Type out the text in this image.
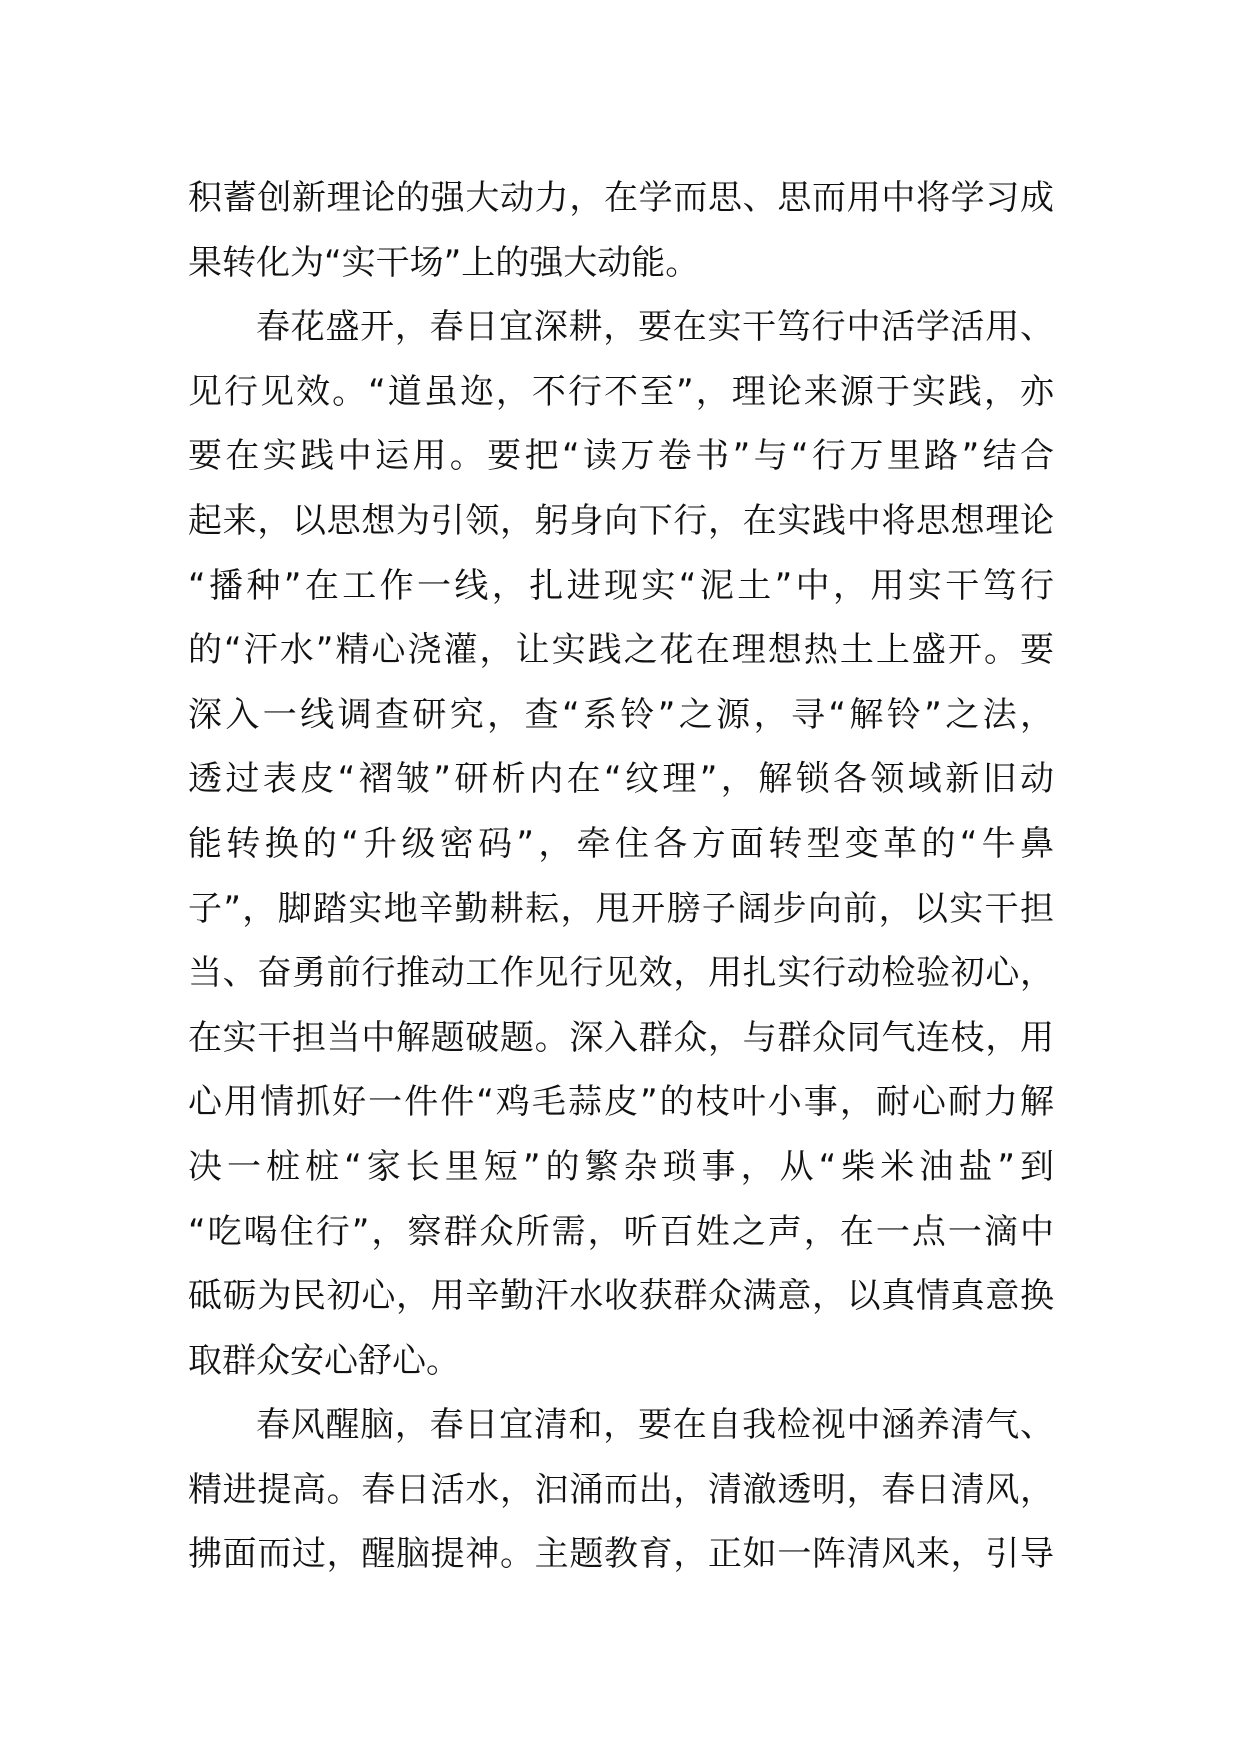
积蓄创新理论的强大动力，在学而思、思而用中将学习成
果转化为“实干场”上的强大动能。
春花盛开，春日宜深耕，要在实干笃行中活学活用、
见行见效。“道虽迩，不行不至”，理论来源于实践，亦
要在实践中运用。要把“读万卷书”与“行万里路”结合
起来，以思想为引领，躬身向下行，在实践中将思想理论
“播种”在工作一线，扎进现实“泥土”中，用实干笃行
的“汗水”精心浇灌，让实践之花在理想热土上盛开。要
深入一线调查研究，查“系铃”之源，寻“解铃”之法，
透过表皮“褶皱”研析内在“纹理”，解锁各领域新旧动
能转换的“升级密码”，牵住各方面转型变革的“牛鼻
子”，脚踏实地辛勤耕耘，甩开膀子阔步向前，以实干担
当、奋勇前行推动工作见行见效，用扎实行动检验初心，
在实干担当中解题破题。深入群众，与群众同气连枝，用
心用情抓好一件件“鸡毛蒜皮”的枝叶小事，耐心耐力解
决一桩桩“家长里短”的繁杂琐事，从“柴米油盐”到
“吃喝住行”，察群众所需，听百姓之声，在一点一滴中
砥砺为民初心，用辛勤汗水收获群众满意，以真情真意换
取群众安心舒心。
春风醒脑，春日宜清和，要在自我检视中涵养清气、
精进提高。春日活水，汩涌而出，清澈透明，春日清风，
拂面而过，醒脑提神。主题教育，正如一阵清风来，引导
